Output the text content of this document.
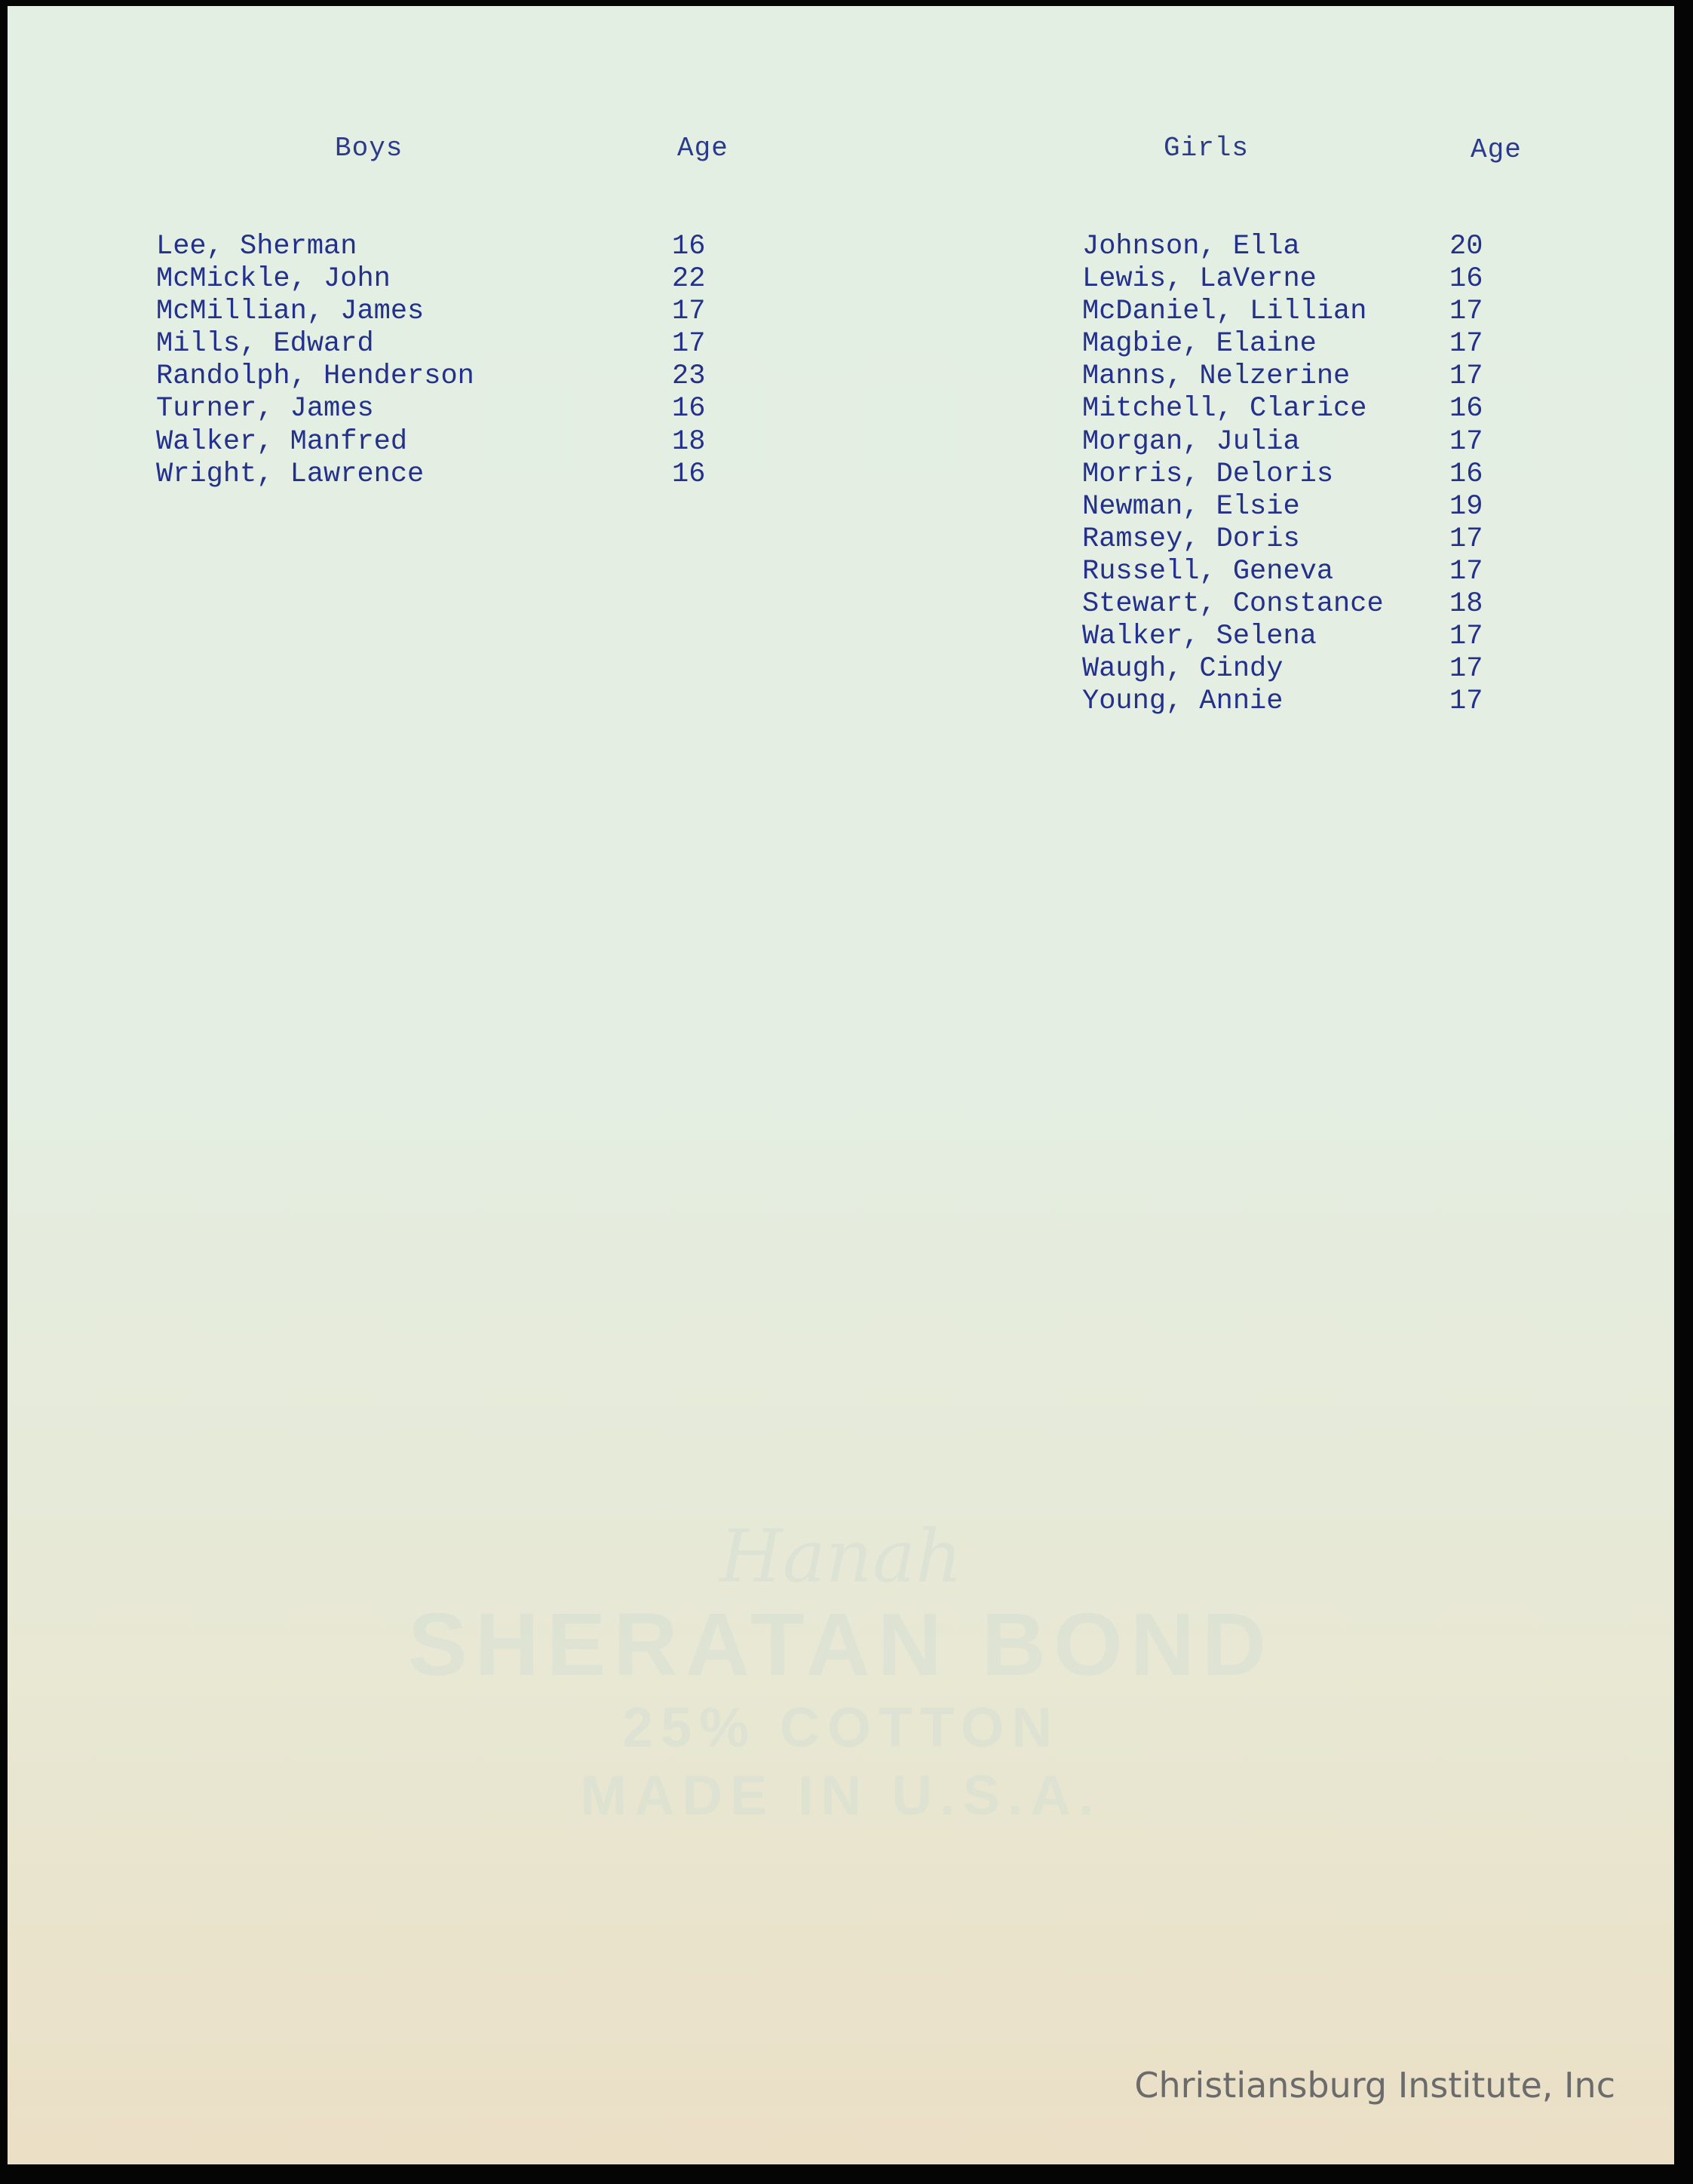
Hanah
SHERATAN BOND
25% COTTON
MADE IN U.S.A.
Boys	Age	Girls	Age
Lee, Sherman	16
McMickle, John	22
McMillian, James	17
Mills, Edward	17
Randolph, Henderson	23
Turner, James	16
Walker, Manfred	18
Wright, Lawrence	16
Johnson, Ella	20
Lewis, LaVerne	16
McDaniel, Lillian	17
Magbie, Elaine	17
Manns, Nelzerine	17
Mitchell, Clarice	16
Morgan, Julia	17
Morris, Deloris	16
Newman, Elsie	19
Ramsey, Doris	17
Russell, Geneva	17
Stewart, Constance 18
Walker, Selena	17
Waugh, Cindy	17
Young, Annie	17
Christiansburg Institute, Inc
